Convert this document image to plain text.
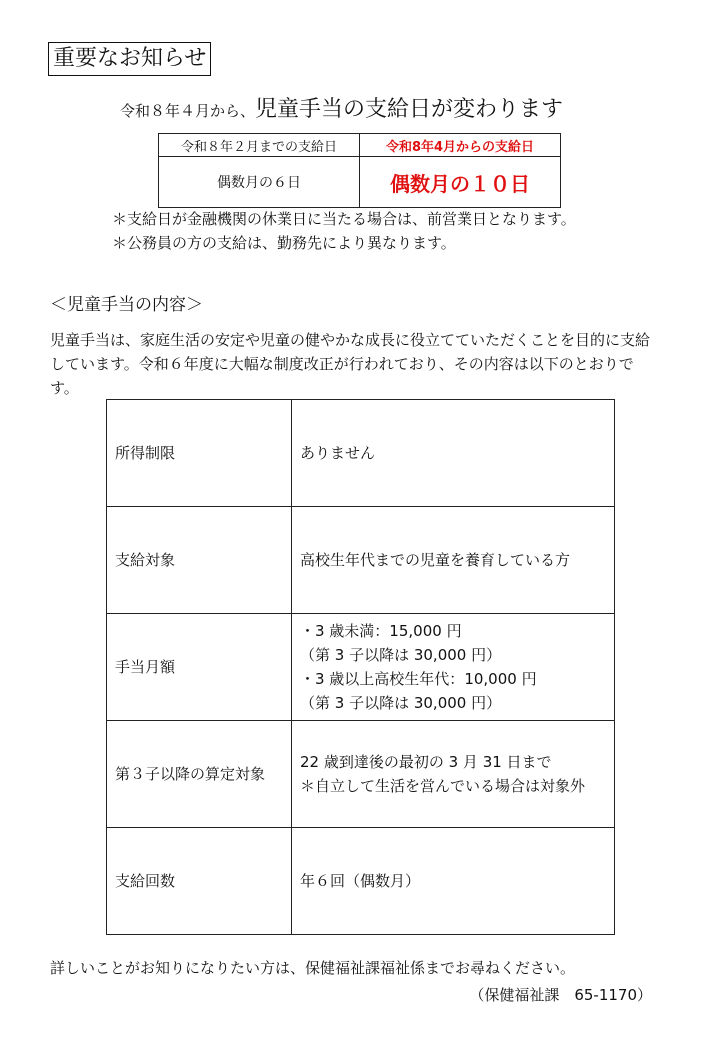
重要なお知らせ
令和８年４月から、児童手当の支給日が変わります
令和８年２月までの支給日	令和8年4月からの支給日
偶数月の６日	偶数月の１０日
＊支給日が金融機関の休業日に当たる場合は、前営業日となります。
＊公務員の方の支給は、勤務先により異なります。
＜児童手当の内容＞
児童手当は、家庭生活の安定や児童の健やかな成長に役立てていただくことを目的に支給しています。令和６年度に大幅な制度改正が行われており、その内容は以下のとおりです。
所得制限	ありません

支給対象	高校生年代までの児童を養育している方

手当月額	・3 歳未満：15,000 円
（第 3 子以降は 30,000 円）
・3 歳以上高校生年代：10,000 円
（第 3 子以降は 30,000 円）

第３子以降の算定対象	22 歳到達後の最初の 3 月 31 日まで
＊自立して生活を営んでいる場合は対象外

支給回数	年６回（偶数月）
詳しいことがお知りになりたい方は、保健福祉課福祉係までお尋ねください。
（保健福祉課　65-1170）
